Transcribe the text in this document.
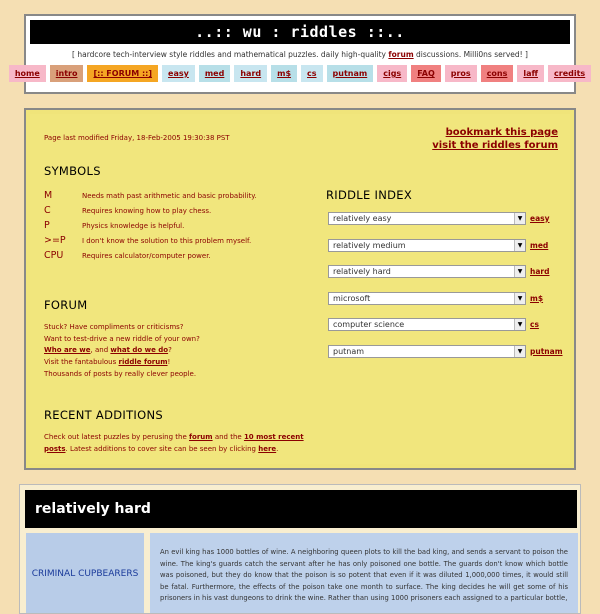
..:: wu : riddles ::..
[ hardcore tech-interview style riddles and mathematical puzzles. daily high-quality forum discussions. Milli0ns served! ]
home	intro	[:: FORUM ::]	easy	med	hard	m$	cs	putnam	cigs	FAQ	pros	cons	laff	credits
Page last modified Friday, 18-Feb-2005 19:30:38 PST	bookmark this page
visit the riddles forum
SYMBOLS
M	Needs math past arithmetic and basic probability.
C	Requires knowing how to play chess.
P	Physics knowledge is helpful.
>=P	I don't know the solution to this problem myself.
CPU	Requires calculator/computer power.
FORUM
Stuck? Have compliments or criticisms?
Want to test-drive a new riddle of your own?
Who are we, and what do we do?
Visit the fantabulous riddle forum!
Thousands of posts by really clever people.
RECENT ADDITIONS
Check out latest puzzles by perusing the forum and the 10 most recent posts. Latest additions to cover site can be seen by clicking here.
RIDDLE INDEX
relatively easy	▼	easy
relatively medium	▼	med
relatively hard	▼	hard
microsoft	▼	m$
computer science	▼	cs
putnam	▼	putnam
relatively hard
CRIMINAL CUPBEARERS
An evil king has 1000 bottles of wine. A neighboring queen plots to kill the bad king, and sends a servant to poison the wine. The king's guards catch the servant after he has only poisoned one bottle. The guards don't know which bottle was poisoned, but they do know that the poison is so potent that even if it was diluted 1,000,000 times, it would still be fatal. Furthermore, the effects of the poison take one month to surface. The king decides he will get some of his prisoners in his vast dungeons to drink the wine. Rather than using 1000 prisoners each assigned to a particular bottle,
